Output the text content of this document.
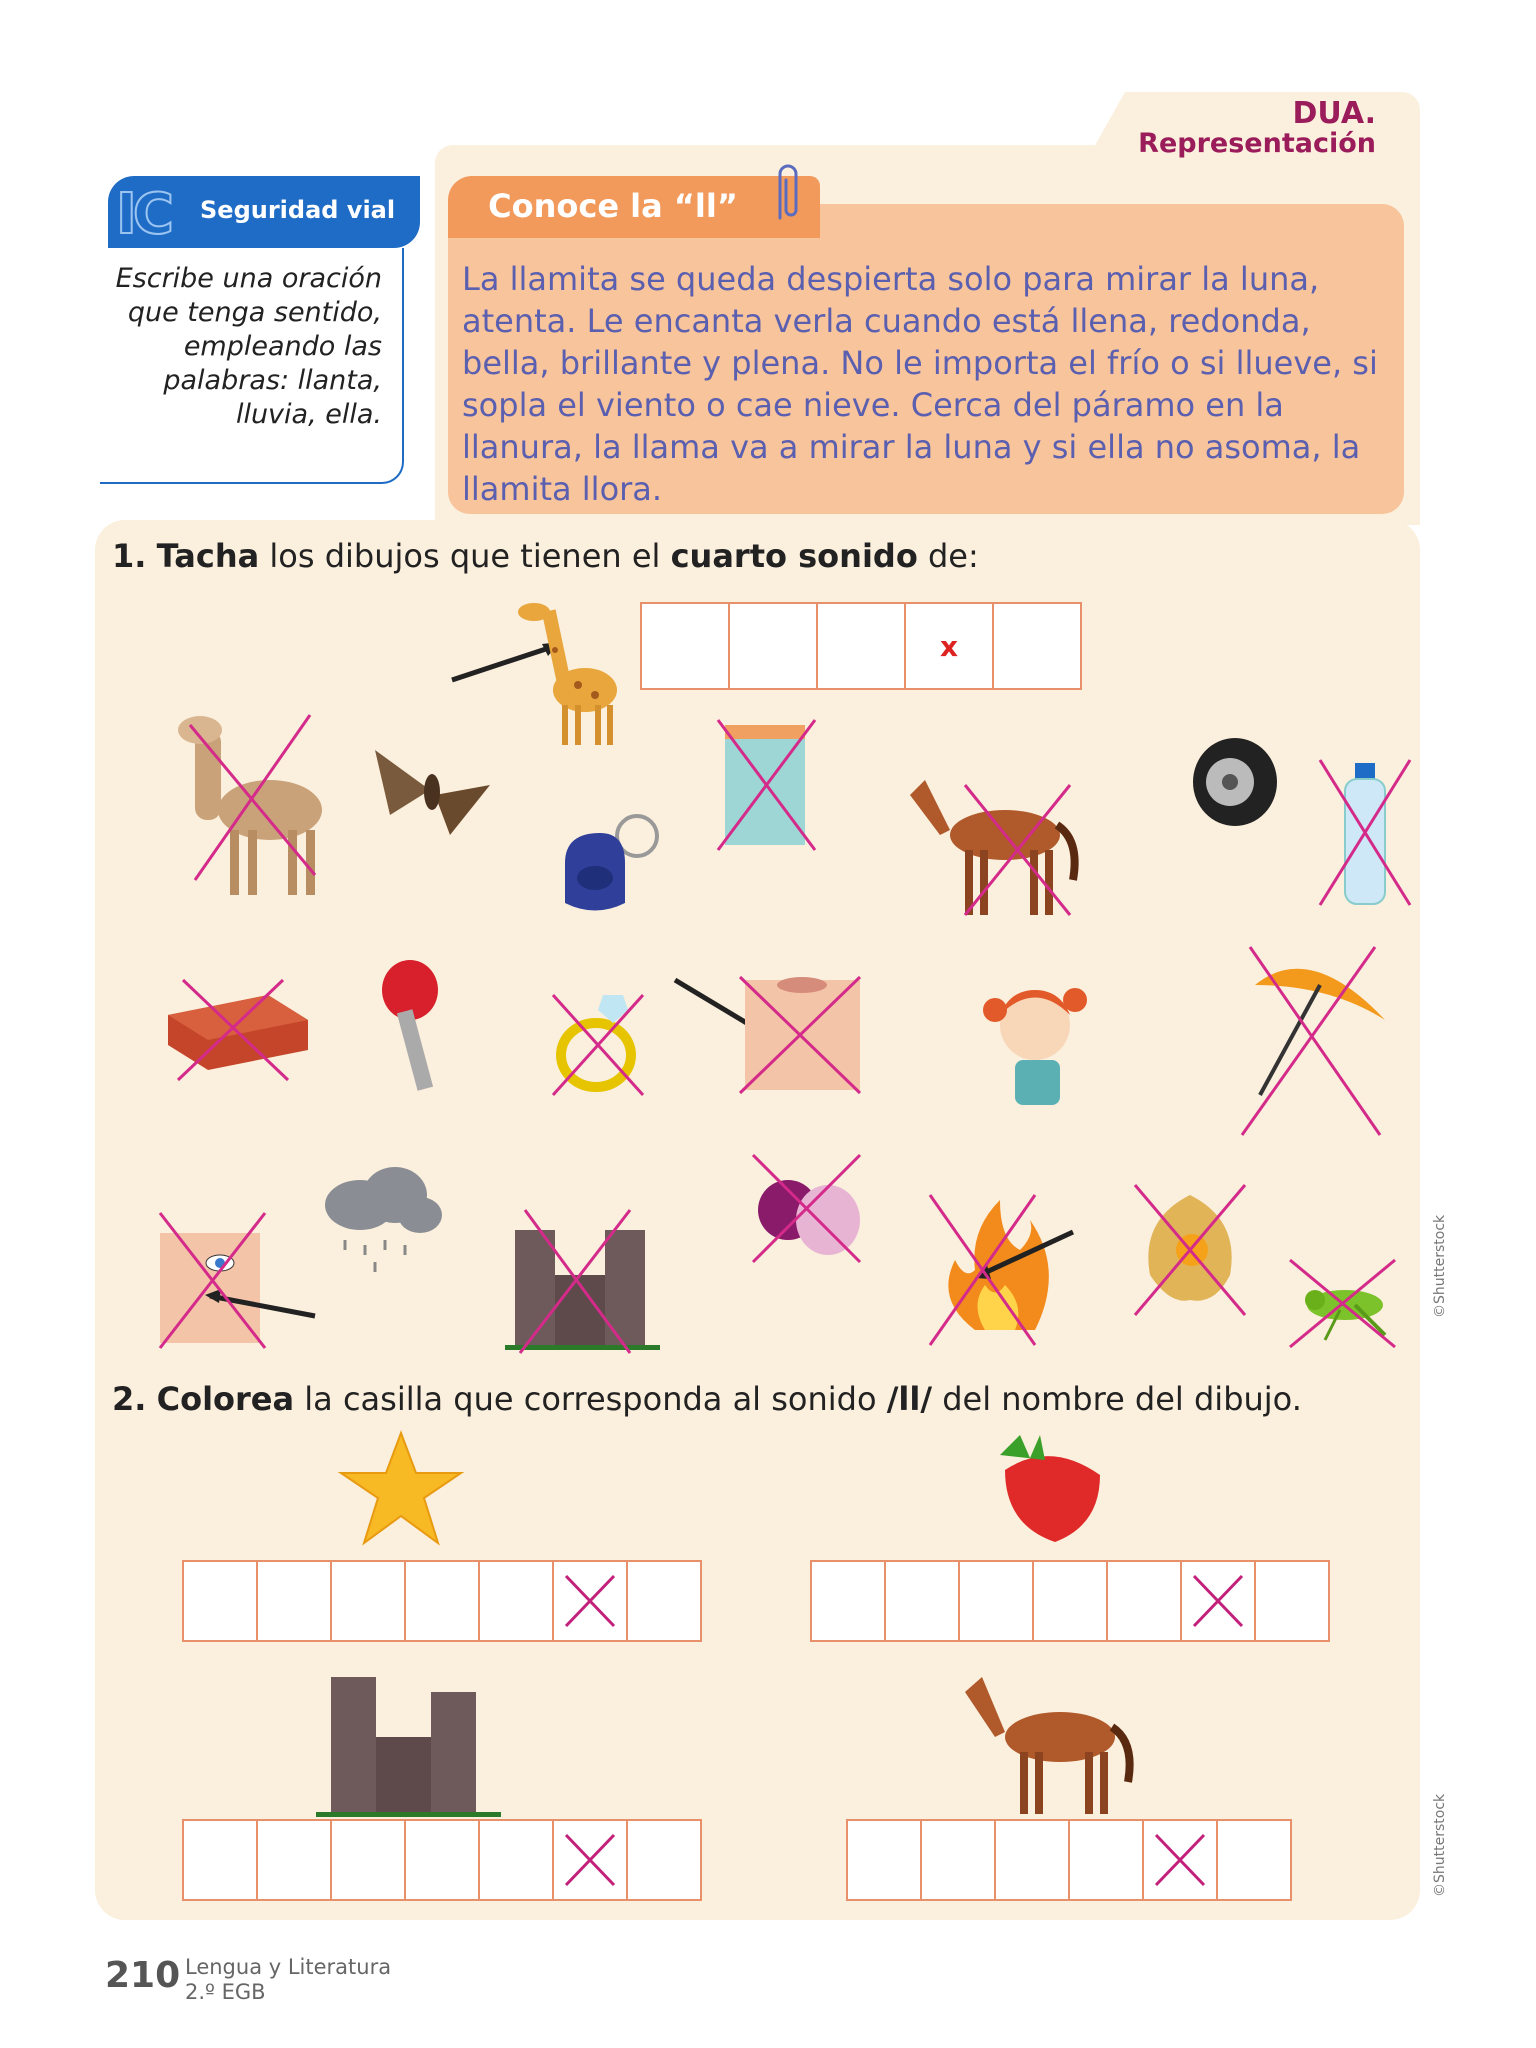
DUA.
Representación
IC Seguridad vial
Escribe una oración que tenga sentido, empleando las palabras: llanta, lluvia, ella.
Conoce la “ll”
La llamita se queda despierta solo para mirar la luna, atenta. Le encanta verla cuando está llena, redonda, bella, brillante y plena. No le importa el frío o si llueve, si sopla el viento o cae nieve. Cerca del páramo en la llanura, la llama va a mirar la luna y si ella no asoma, la llamita llora.
1. Tacha los dibujos que tienen el cuarto sonido de:
x
©Shutterstock
2. Colorea la casilla que corresponda al sonido /ll/ del nombre del dibujo.
©Shutterstock
210 Lengua y Literatura
2.º EGB
